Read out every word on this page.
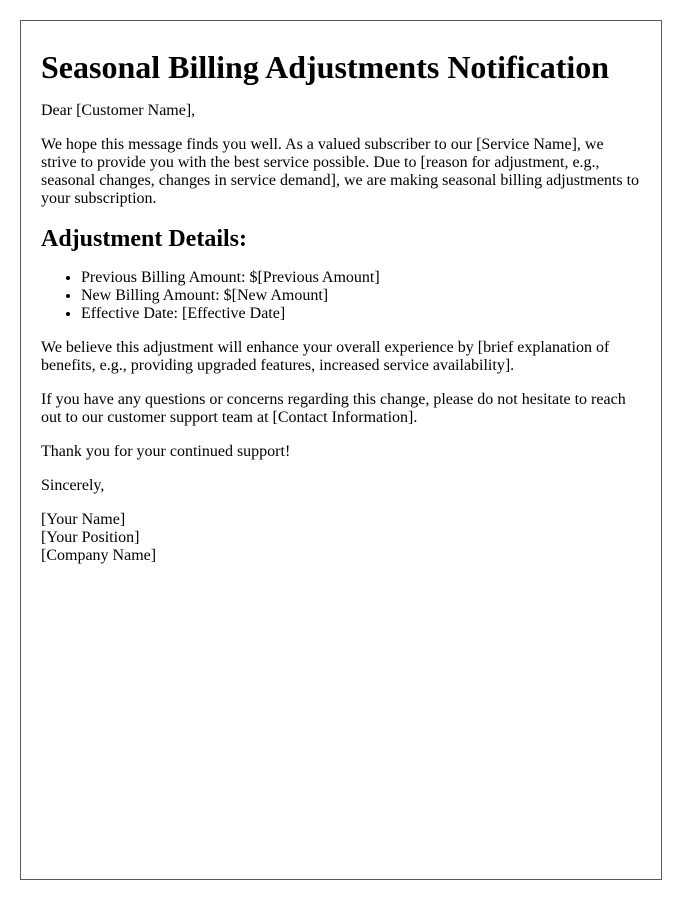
Seasonal Billing Adjustments Notification

Dear [Customer Name],

We hope this message finds you well. As a valued subscriber to our [Service Name], we strive to provide you with the best service possible. Due to [reason for adjustment, e.g., seasonal changes, changes in service demand], we are making seasonal billing adjustments to your subscription.

Adjustment Details:
• Previous Billing Amount: $[Previous Amount]
• New Billing Amount: $[New Amount]
• Effective Date: [Effective Date]

We believe this adjustment will enhance your overall experience by [brief explanation of benefits, e.g., providing upgraded features, increased service availability].

If you have any questions or concerns regarding this change, please do not hesitate to reach out to our customer support team at [Contact Information].

Thank you for your continued support!

Sincerely,

[Your Name]
[Your Position]
[Company Name]
